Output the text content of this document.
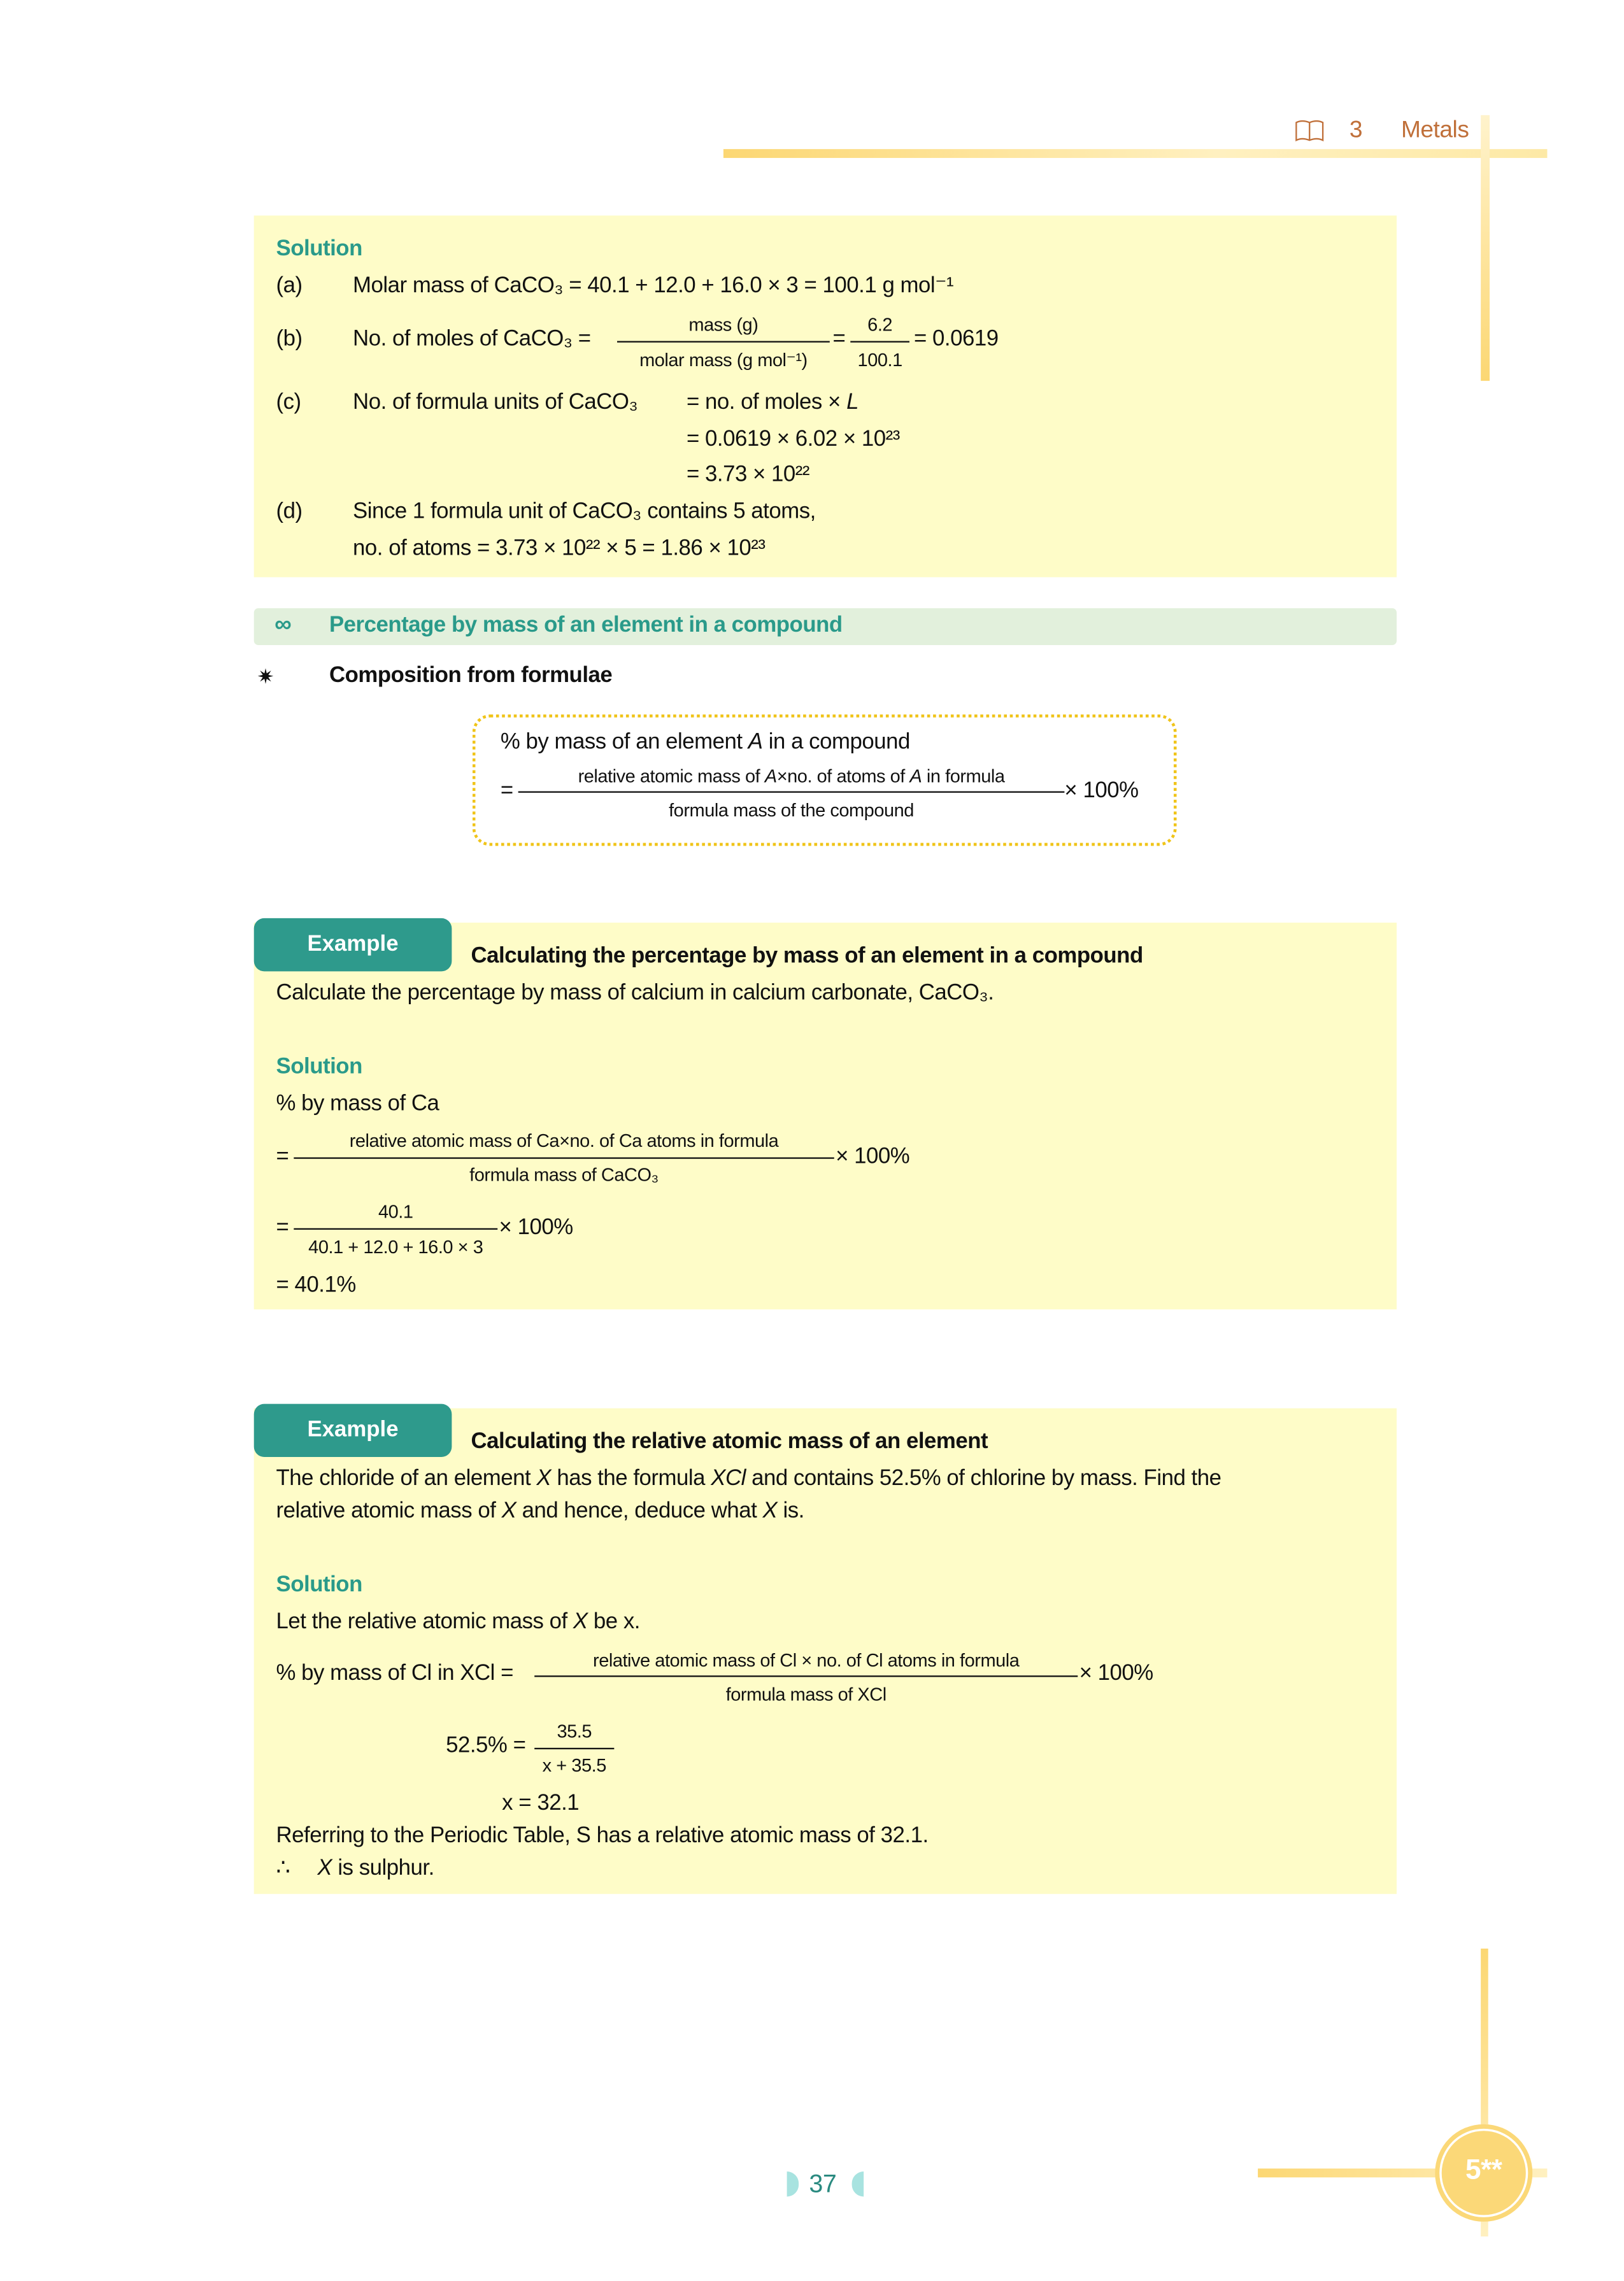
3	Metals
Solution
(a)	Molar mass of CaCO₃ = 40.1 + 12.0 + 16.0 × 3 = 100.1 g mol⁻¹
(b)	No. of moles of CaCO₃ =
mass (g)
molar mass (g mol⁻¹)
=
6.2
100.1
= 0.0619
(c)	No. of formula units of CaCO₃	= no. of moles × L
= 0.0619 × 6.02 × 10²³
= 3.73 × 10²²
(d)	Since 1 formula unit of CaCO₃ contains 5 atoms,
no. of atoms = 3.73 × 10²² × 5 = 1.86 × 10²³
∞	Percentage by mass of an element in a compound
✷	Composition from formulae
% by mass of an element A in a compound
=
relative atomic mass of A×no. of atoms of A in formula
formula mass of the compound
× 100%
Example	Calculating the percentage by mass of an element in a compound
Calculate the percentage by mass of calcium in calcium carbonate, CaCO₃.
Solution
% by mass of Ca
=
relative atomic mass of Ca×no. of Ca atoms in formula
formula mass of CaCO₃
× 100%
=
40.1
40.1 + 12.0 + 16.0 × 3
× 100%
= 40.1%
Example	Calculating the relative atomic mass of an element
The chloride of an element X has the formula XCl and contains 52.5% of chlorine by mass. Find the
relative atomic mass of X and hence, deduce what X is.
Solution
Let the relative atomic mass of X be x.
% by mass of Cl in XCl =	relative atomic mass of Cl × no. of Cl atoms in formula
formula mass of XCl
× 100%
52.5% =
35.5
x + 35.5
x = 32.1
Referring to the Periodic Table, S has a relative atomic mass of 32.1.
∴	X is sulphur.
37	5**
